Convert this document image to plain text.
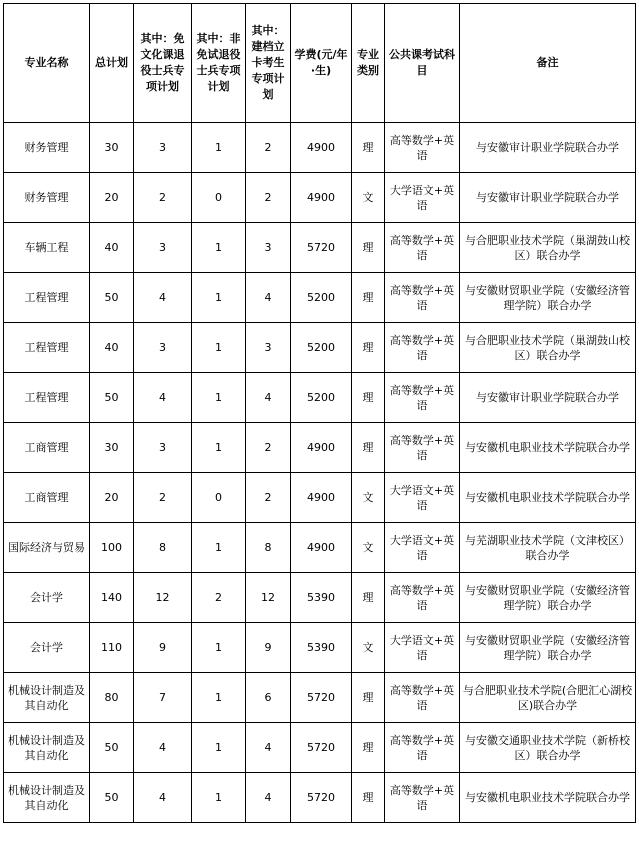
专业名称	总计划	其中：免文化课退役士兵专项计划	其中：非免试退役士兵专项计划	其中：建档立卡考生专项计划	学费(元/年·生)	专业类别	公共课考试科目	备注
财务管理	30	3	1	2	4900	理	高等数学+英语	与安徽审计职业学院联合办学
财务管理	20	2	0	2	4900	文	大学语文+英语	与安徽审计职业学院联合办学
车辆工程	40	3	1	3	5720	理	高等数学+英语	与合肥职业技术学院（巢湖鼓山校区）联合办学
工程管理	50	4	1	4	5200	理	高等数学+英语	与安徽财贸职业学院（安徽经济管理学院）联合办学
工程管理	40	3	1	3	5200	理	高等数学+英语	与合肥职业技术学院（巢湖鼓山校区）联合办学
工程管理	50	4	1	4	5200	理	高等数学+英语	与安徽审计职业学院联合办学
工商管理	30	3	1	2	4900	理	高等数学+英语	与安徽机电职业技术学院联合办学
工商管理	20	2	0	2	4900	文	大学语文+英语	与安徽机电职业技术学院联合办学
国际经济与贸易	100	8	1	8	4900	文	大学语文+英语	与芜湖职业技术学院（文津校区）联合办学
会计学	140	12	2	12	5390	理	高等数学+英语	与安徽财贸职业学院（安徽经济管理学院）联合办学
会计学	110	9	1	9	5390	文	大学语文+英语	与安徽财贸职业学院（安徽经济管理学院）联合办学
机械设计制造及其自动化	80	7	1	6	5720	理	高等数学+英语	与合肥职业技术学院(合肥汇心湖校区)联合办学
机械设计制造及其自动化	50	4	1	4	5720	理	高等数学+英语	与安徽交通职业技术学院（新桥校区）联合办学
机械设计制造及其自动化	50	4	1	4	5720	理	高等数学+英语	与安徽机电职业技术学院联合办学
